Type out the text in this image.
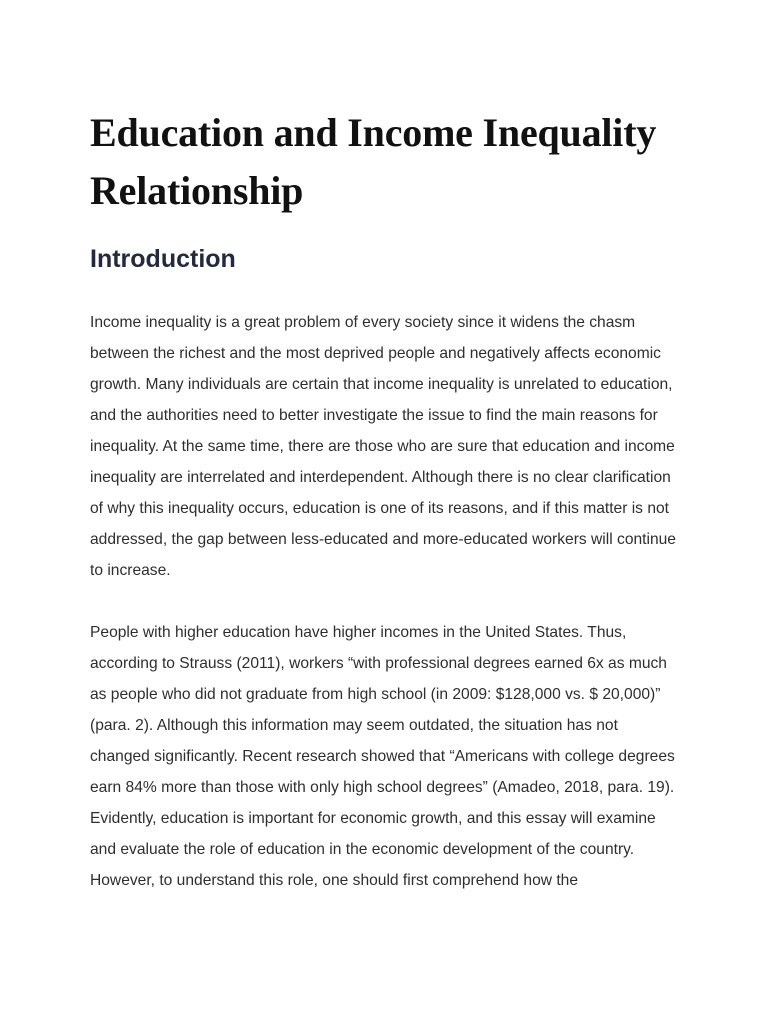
Education and Income Inequality Relationship
Introduction

Income inequality is a great problem of every society since it widens the chasm between the richest and the most deprived people and negatively affects economic growth. Many individuals are certain that income inequality is unrelated to education, and the authorities need to better investigate the issue to find the main reasons for inequality. At the same time, there are those who are sure that education and income inequality are interrelated and interdependent. Although there is no clear clarification of why this inequality occurs, education is one of its reasons, and if this matter is not addressed, the gap between less-educated and more-educated workers will continue to increase.

People with higher education have higher incomes in the United States. Thus, according to Strauss (2011), workers “with professional degrees earned 6x as much as people who did not graduate from high school (in 2009: $128,000 vs. $ 20,000)” (para. 2). Although this information may seem outdated, the situation has not changed significantly. Recent research showed that “Americans with college degrees earn 84% more than those with only high school degrees” (Amadeo, 2018, para. 19). Evidently, education is important for economic growth, and this essay will examine and evaluate the role of education in the economic development of the country. However, to understand this role, one should first comprehend how the
